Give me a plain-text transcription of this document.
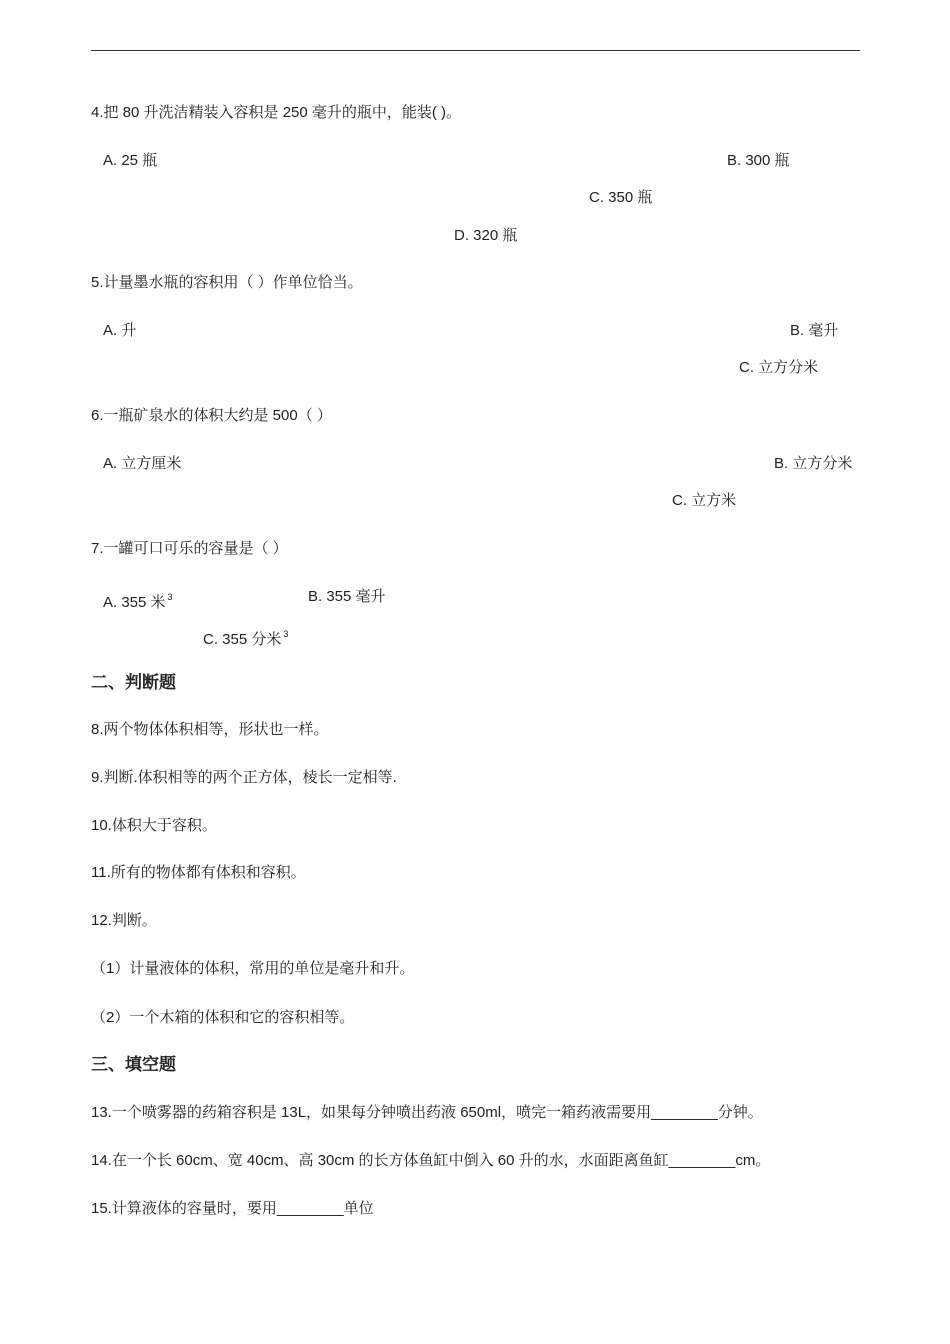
4.把 80 升洗洁精装入容积是 250 毫升的瓶中，能装( )。
A. 25 瓶	B. 300 瓶
C. 350 瓶
D. 320 瓶
5.计量墨水瓶的容积用（ ）作单位恰当。
A. 升	B. 毫升
C. 立方分米
6.一瓶矿泉水的体积大约是 500（ ）
A. 立方厘米	B. 立方分米
C. 立方米
7.一罐可口可乐的容量是（ ）
A. 355 米 $^3$	B. 355 毫升
C. 355 分米 $^3$
二、判断题
8.两个物体体积相等，形状也一样。
9.判断.体积相等的两个正方体，棱长一定相等.
10.体积大于容积。
11.所有的物体都有体积和容积。
12.判断。
（1）计量液体的体积，常用的单位是毫升和升。
（2）一个木箱的体积和它的容积相等。
三、填空题
13.一个喷雾器的药箱容积是 13L，如果每分钟喷出药液 650ml，喷完一箱药液需要用________分钟。
14.在一个长 60cm、宽 40cm、高 30cm 的长方体鱼缸中倒入 60 升的水，水面距离鱼缸________cm。
15.计算液体的容量时，要用________单位
